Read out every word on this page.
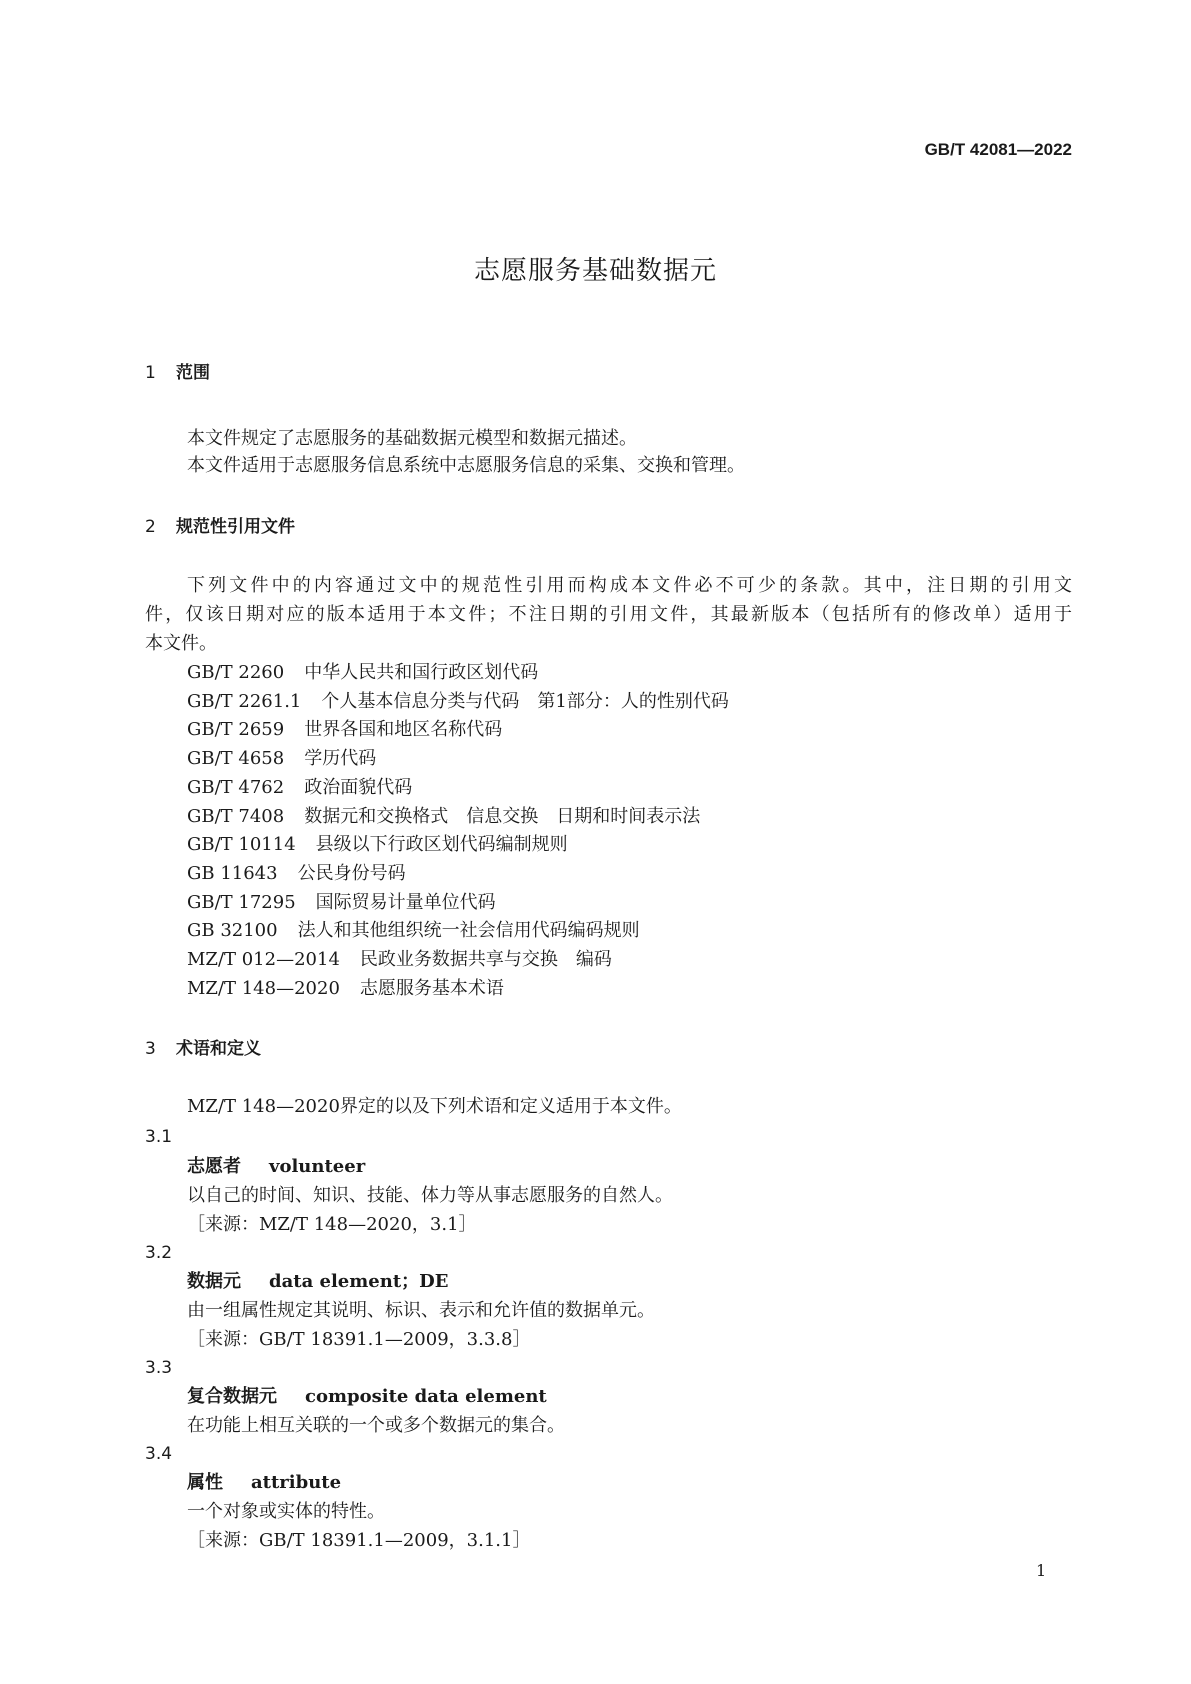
GB/T 42081—2022
志愿服务基础数据元
1 范围
本文件规定了志愿服务的基础数据元模型和数据元描述。
本文件适用于志愿服务信息系统中志愿服务信息的采集、交换和管理。
2 规范性引用文件
下列文件中的内容通过文中的规范性引用而构成本文件必不可少的条款。其中，注日期的引用文
件，仅该日期对应的版本适用于本文件；不注日期的引用文件，其最新版本（包括所有的修改单）适用于
本文件。
GB/T 2260 中华人民共和国行政区划代码
GB/T 2261.1 个人基本信息分类与代码　第1部分：人的性别代码
GB/T 2659 世界各国和地区名称代码
GB/T 4658 学历代码
GB/T 4762 政治面貌代码
GB/T 7408 数据元和交换格式　信息交换　日期和时间表示法
GB/T 10114 县级以下行政区划代码编制规则
GB 11643 公民身份号码
GB/T 17295 国际贸易计量单位代码
GB 32100 法人和其他组织统一社会信用代码编码规则
MZ/T 012—2014 民政业务数据共享与交换　编码
MZ/T 148—2020 志愿服务基本术语
3 术语和定义
MZ/T 148—2020界定的以及下列术语和定义适用于本文件。
3.1
志愿者 volunteer
以自己的时间、知识、技能、体力等从事志愿服务的自然人。
［来源：MZ/T 148—2020，3.1］
3.2
数据元 data element；DE
由一组属性规定其说明、标识、表示和允许值的数据单元。
［来源：GB/T 18391.1—2009，3.3.8］
3.3
复合数据元 composite data element
在功能上相互关联的一个或多个数据元的集合。
3.4
属性 attribute
一个对象或实体的特性。
［来源：GB/T 18391.1—2009，3.1.1］
1
